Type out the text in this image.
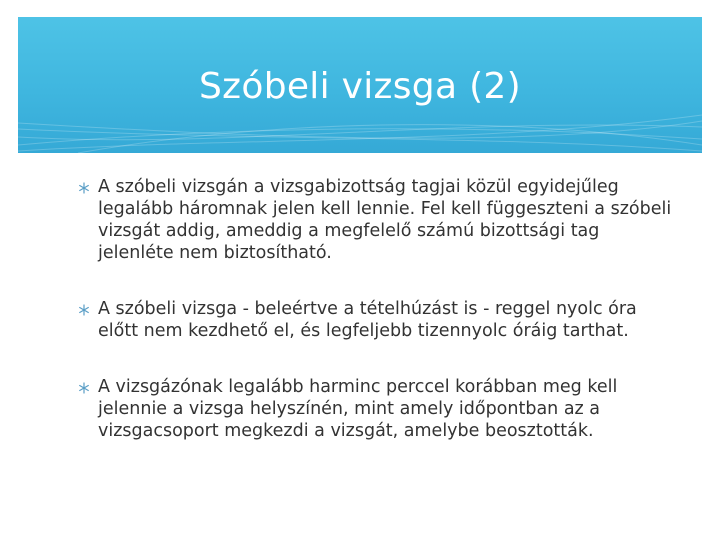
Szóbeli vizsga (2)
A szóbeli vizsgán a vizsgabizottság tagjai közül egyidejűleg legalább háromnak jelen kell lennie. Fel kell függeszteni a szóbeli vizsgát addig, ameddig a megfelelő számú bizottsági tag jelenléte nem biztosítható.
A szóbeli vizsga - beleértve a tételhúzást is - reggel nyolc óra előtt nem kezdhető el, és legfeljebb tizennyolc óráig tarthat.
A vizsgázónak legalább harminc perccel korábban meg kell jelennie a vizsga helyszínén, mint amely időpontban az a vizsgacsoport megkezdi a vizsgát, amelybe beosztották.
